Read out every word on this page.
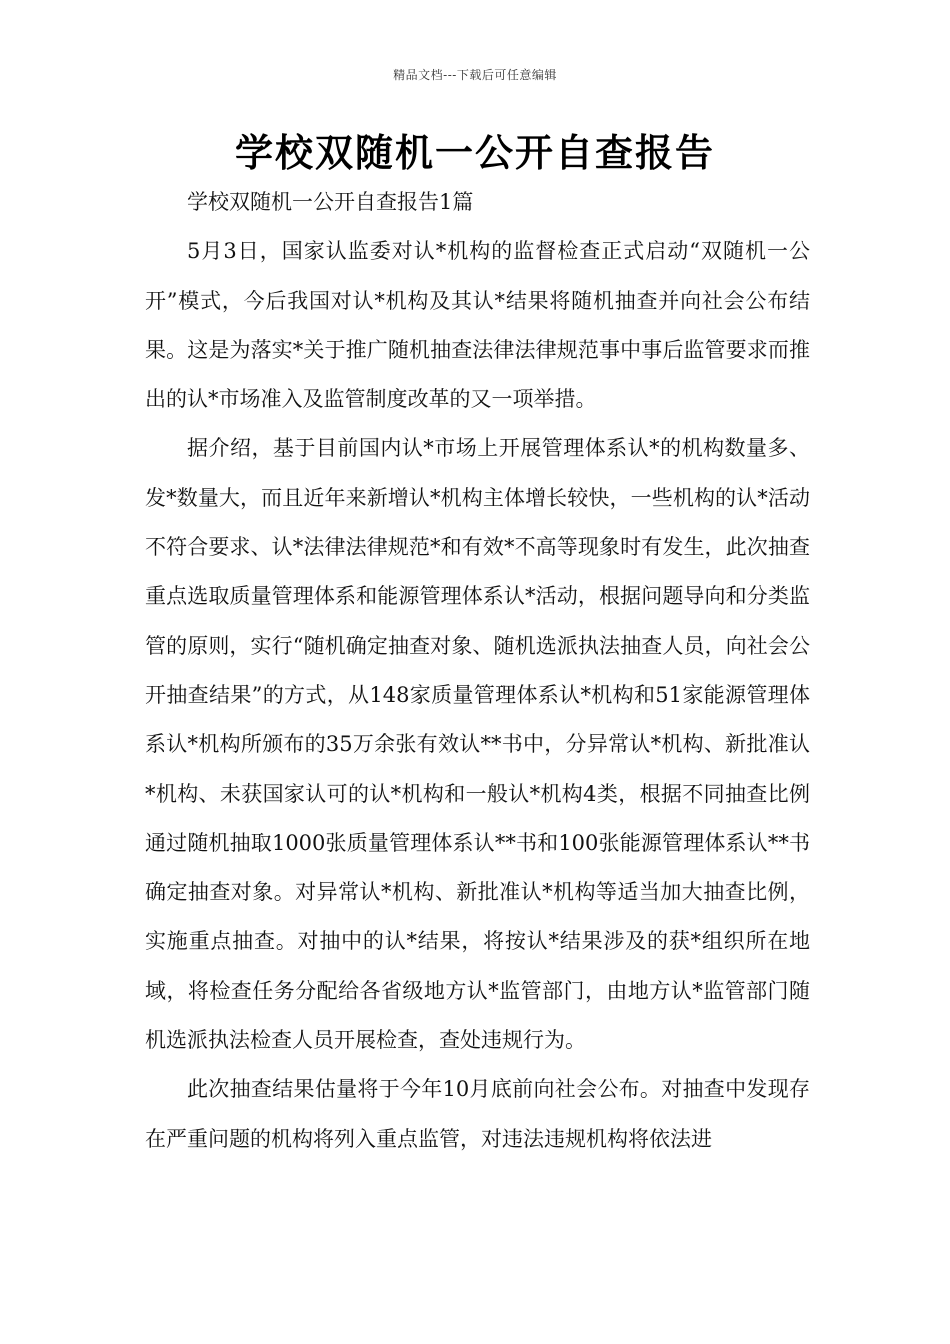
精品文档---下载后可任意编辑
学校双随机一公开自查报告

学校双随机一公开自查报告1篇

5月3日，国家认监委对认*机构的监督检查正式启动“双随机一公开”模式，今后我国对认*机构及其认*结果将随机抽查并向社会公布结果。这是为落实*关于推广随机抽查法律法律规范事中事后监管要求而推出的认*市场准入及监管制度改革的又一项举措。

据介绍，基于目前国内认*市场上开展管理体系认*的机构数量多、发*数量大，而且近年来新增认*机构主体增长较快，一些机构的认*活动不符合要求、认*法律法律规范*和有效*不高等现象时有发生，此次抽查重点选取质量管理体系和能源管理体系认*活动，根据问题导向和分类监管的原则，实行“随机确定抽查对象、随机选派执法抽查人员，向社会公开抽查结果”的方式，从148家质量管理体系认*机构和51家能源管理体系认*机构所颁布的35万余张有效认**书中，分异常认*机构、新批准认*机构、未获国家认可的认*机构和一般认*机构4类，根据不同抽查比例通过随机抽取1000张质量管理体系认**书和100张能源管理体系认**书确定抽查对象。对异常认*机构、新批准认*机构等适当加大抽查比例，实施重点抽查。对抽中的认*结果，将按认*结果涉及的获*组织所在地域，将检查任务分配给各省级地方认*监管部门，由地方认*监管部门随机选派执法检查人员开展检查，查处违规行为。

此次抽查结果估量将于今年10月底前向社会公布。对抽查中发现存在严重问题的机构将列入重点监管，对违法违规机构将依法进
